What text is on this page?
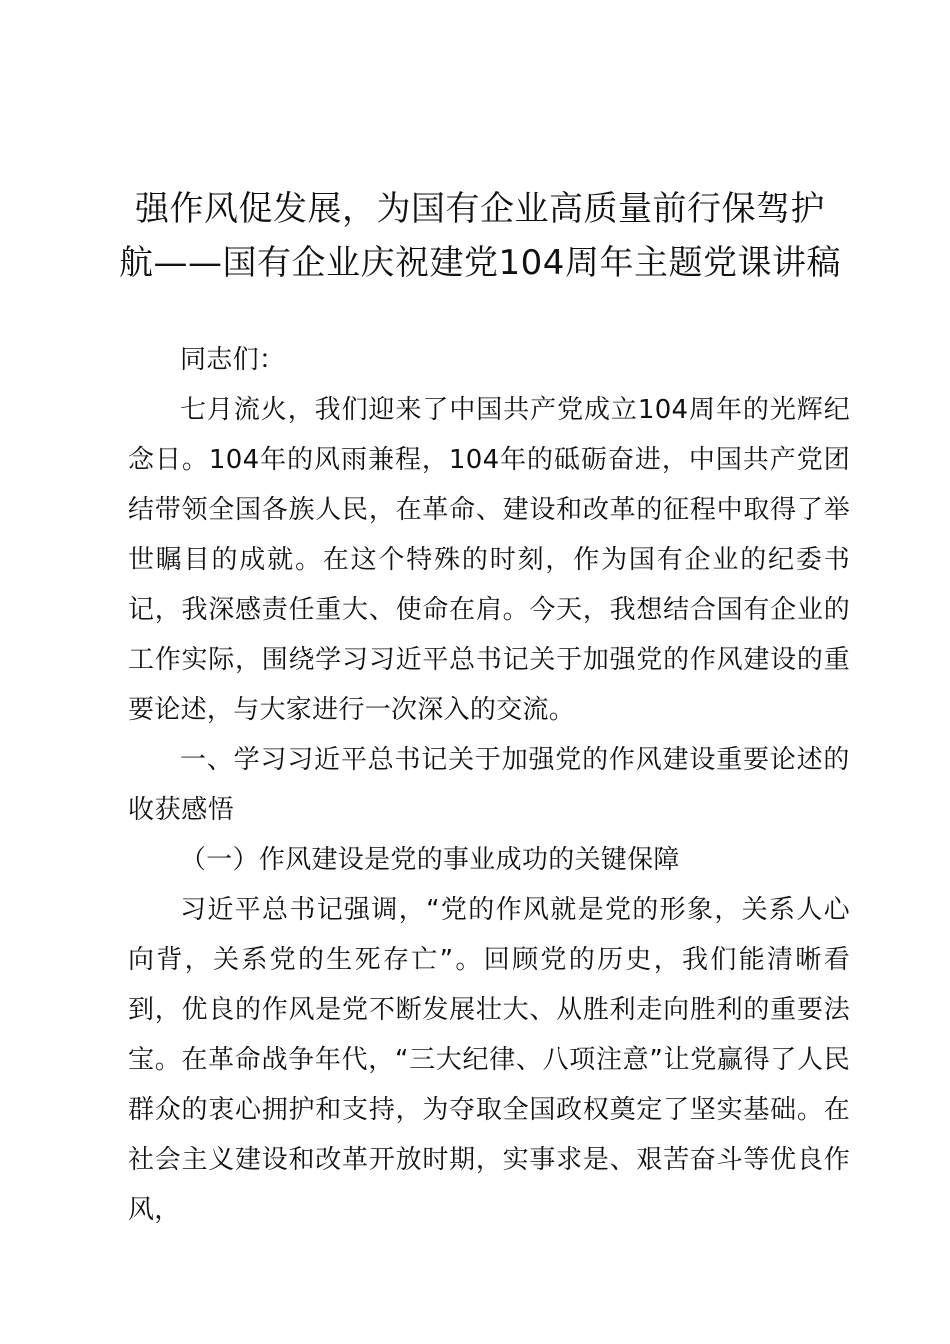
强作风促发展，为国有企业高质量前行保驾护航——国有企业庆祝建党104周年主题党课讲稿

同志们：

七月流火，我们迎来了中国共产党成立104周年的光辉纪念日。104年的风雨兼程，104年的砥砺奋进，中国共产党团结带领全国各族人民，在革命、建设和改革的征程中取得了举世瞩目的成就。在这个特殊的时刻，作为国有企业的纪委书记，我深感责任重大、使命在肩。今天，我想结合国有企业的工作实际，围绕学习习近平总书记关于加强党的作风建设的重要论述，与大家进行一次深入的交流。

一、学习习近平总书记关于加强党的作风建设重要论述的收获感悟

（一）作风建设是党的事业成功的关键保障

习近平总书记强调，“党的作风就是党的形象，关系人心向背，关系党的生死存亡”。回顾党的历史，我们能清晰看到，优良的作风是党不断发展壮大、从胜利走向胜利的重要法宝。在革命战争年代，“三大纪律、八项注意”让党赢得了人民群众的衷心拥护和支持，为夺取全国政权奠定了坚实基础。在社会主义建设和改革开放时期，实事求是、艰苦奋斗等优良作风，
